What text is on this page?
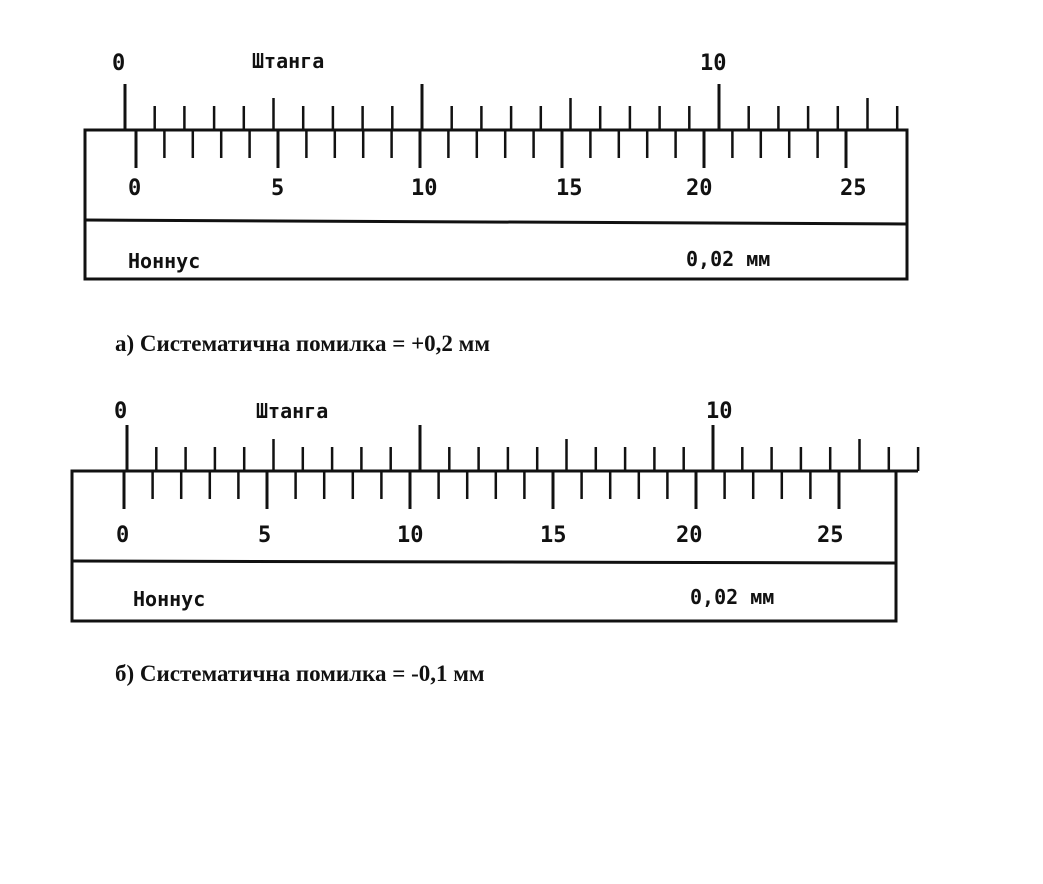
0	Штанга	10
0	5	10	15	20	25
Ноннус	0,02 мм
а) Систематична помилка = +0,2 мм
0	Штанга	10
0	5	10	15	20	25
Ноннус	0,02 мм
б) Систематична помилка = -0,1 мм
